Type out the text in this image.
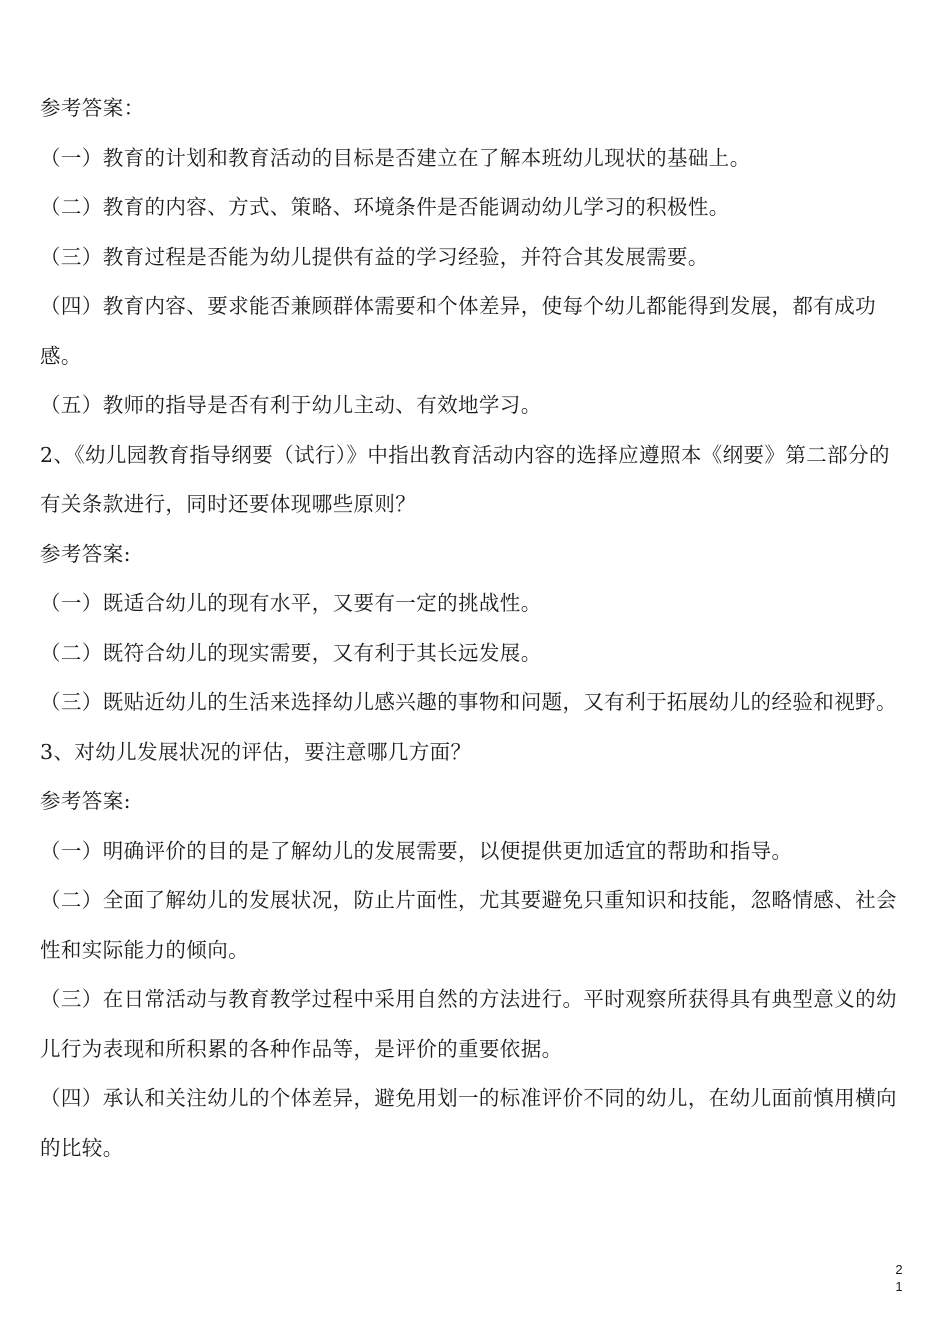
参考答案：

（一）教育的计划和教育活动的目标是否建立在了解本班幼儿现状的基础上。

（二）教育的内容、方式、策略、环境条件是否能调动幼儿学习的积极性。

（三）教育过程是否能为幼儿提供有益的学习经验，并符合其发展需要。

（四）教育内容、要求能否兼顾群体需要和个体差异，使每个幼儿都能得到发展，都有成功感。

（五）教师的指导是否有利于幼儿主动、有效地学习。

2、《幼儿园教育指导纲要（试行）》中指出教育活动内容的选择应遵照本《纲要》第二部分的有关条款进行，同时还要体现哪些原则？

参考答案:

（一）既适合幼儿的现有水平，又要有一定的挑战性。

（二）既符合幼儿的现实需要，又有利于其长远发展。

（三）既贴近幼儿的生活来选择幼儿感兴趣的事物和问题，又有利于拓展幼儿的经验和视野。

3、对幼儿发展状况的评估，要注意哪几方面？

参考答案:

（一）明确评价的目的是了解幼儿的发展需要，以便提供更加适宜的帮助和指导。

（二）全面了解幼儿的发展状况，防止片面性，尤其要避免只重知识和技能，忽略情感、社会性和实际能力的倾向。

（三）在日常活动与教育教学过程中采用自然的方法进行。平时观察所获得具有典型意义的幼儿行为表现和所积累的各种作品等，是评价的重要依据。

（四）承认和关注幼儿的个体差异，避免用划一的标准评价不同的幼儿，在幼儿面前慎用横向的比较。

21
